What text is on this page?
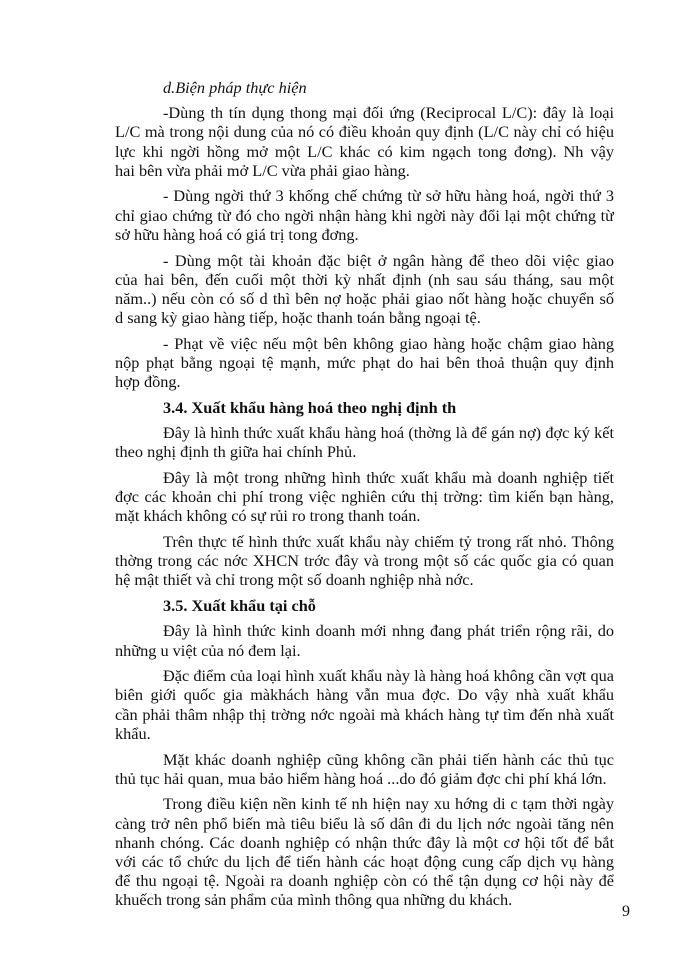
d.Biện pháp thực hiện
-Dùng th tín dụng thong mại đối ứng (Reciprocal L/C): đây là loại
L/C mà trong nội dung của nó có điều khoản quy định (L/C này chỉ có hiệu
lực khi ngời hồng mở một L/C khác có kim ngạch tong đơng). Nh vậy
hai bên vừa phải mở L/C vừa phải giao hàng.
- Dùng ngời thứ 3 khống chế chứng từ sở hữu hàng hoá, ngời thứ 3
chỉ giao chứng từ đó cho ngời nhận hàng khi ngời này đổi lại một chứng từ
sở hữu hàng hoá có giá trị tong đơng.
- Dùng một tài khoản đặc biệt ở ngân hàng để theo dõi việc giao
của hai bên, đến cuối một thời kỳ nhất định (nh sau sáu tháng, sau một
năm..) nếu còn có số d thì bên nợ hoặc phải giao nốt hàng hoặc chuyển số
d sang kỳ giao hàng tiếp, hoặc thanh toán bằng ngoại tệ.
- Phạt về việc nếu một bên không giao hàng hoặc chậm giao hàng
nộp phạt bằng ngoại tệ mạnh, mức phạt do hai bên thoả thuận quy định
hợp đồng.
3.4. Xuất khẩu hàng hoá theo nghị định th
Đây là hình thức xuất khẩu hàng hoá (thờng là để gán nợ) đợc ký kết
theo nghị định th giữa hai chính Phủ.
Đây là một trong những hình thức xuất khẩu mà doanh nghiệp tiết
đợc các khoản chi phí trong việc nghiên cứu thị trờng: tìm kiến bạn hàng,
mặt khách không có sự rủi ro trong thanh toán.
Trên thực tế hình thức xuất khẩu này chiếm tỷ trong rất nhỏ. Thông
thờng trong các nớc XHCN trớc đây và trong một số các quốc gia có quan
hệ mật thiết và chỉ trong một số doanh nghiệp nhà nớc.
3.5. Xuất khẩu tại chỗ
Đây là hình thức kinh doanh mới nhng đang phát triển rộng rãi, do
những u việt của nó đem lại.
Đặc điểm của loại hình xuất khẩu này là hàng hoá không cần vợt qua
biên giới quốc gia màkhách hàng vẫn mua đợc. Do vậy nhà xuất khẩu
cần phải thâm nhập thị trờng nớc ngoài mà khách hàng tự tìm đến nhà xuất
khẩu.
Mặt khác doanh nghiệp cũng không cần phải tiến hành các thủ tục
thủ tục hải quan, mua bảo hiểm hàng hoá ...do đó giảm đợc chi phí khá lớn.
Trong điều kiện nền kinh tế nh hiện nay xu hớng di c tạm thời ngày
càng trở nên phổ biến mà tiêu biểu là số dân đi du lịch nớc ngoài tăng nên
nhanh chóng. Các doanh nghiệp có nhận thức đây là một cơ hội tốt để bắt
với các tổ chức du lịch để tiến hành các hoạt động cung cấp dịch vụ hàng
để thu ngoại tệ. Ngoài ra doanh nghiệp còn có thể tận dụng cơ hội này để
khuếch trong sản phẩm của mình thông qua những du khách.
9
